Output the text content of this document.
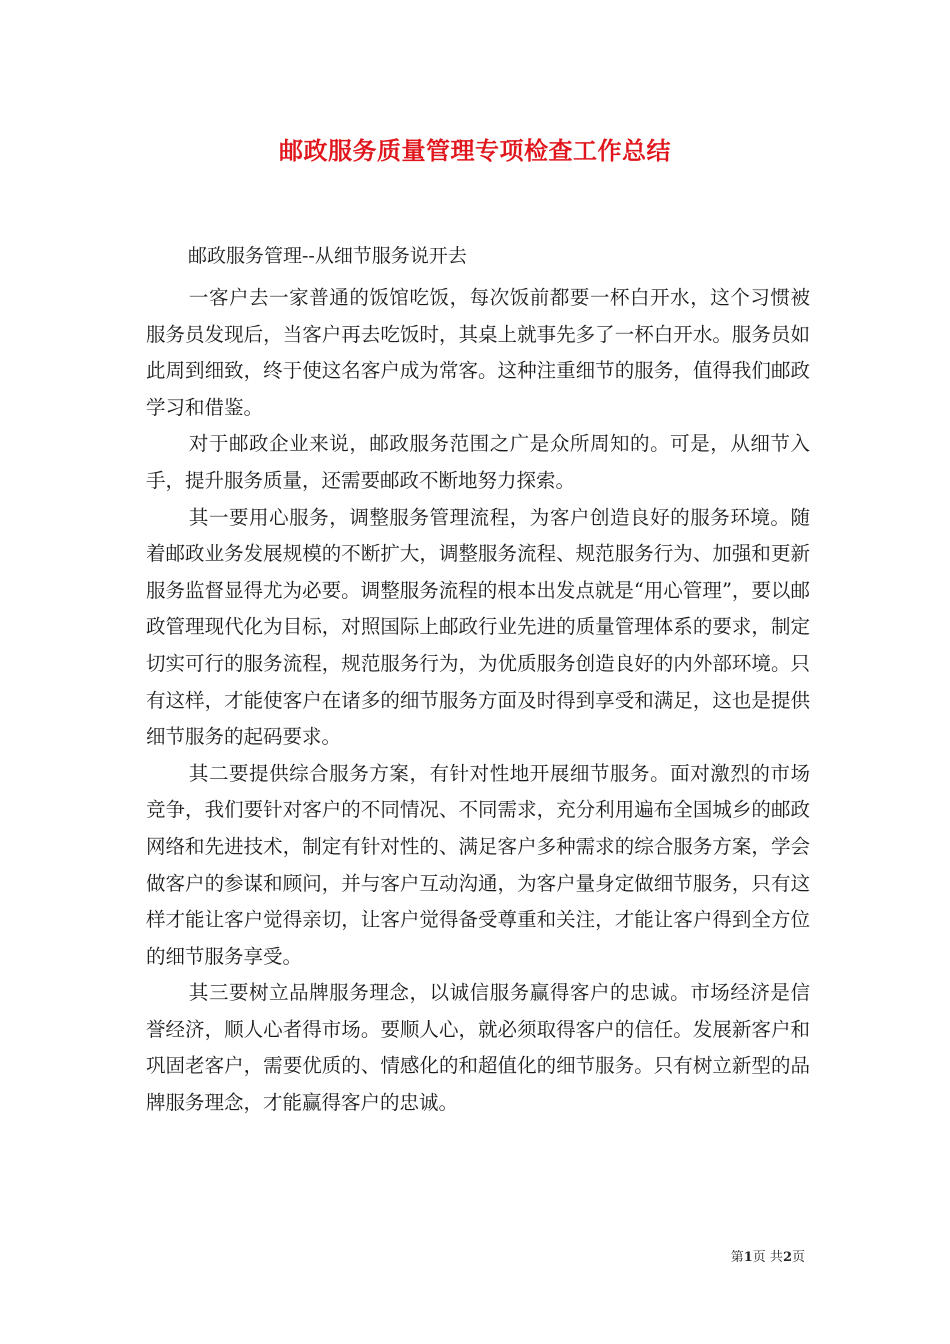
邮政服务质量管理专项检查工作总结
邮政服务管理--从细节服务说开去

一客户去一家普通的饭馆吃饭，每次饭前都要一杯白开水，这个习惯被服务员发现后，当客户再去吃饭时，其桌上就事先多了一杯白开水。服务员如此周到细致，终于使这名客户成为常客。这种注重细节的服务，值得我们邮政学习和借鉴。

对于邮政企业来说，邮政服务范围之广是众所周知的。可是，从细节入手，提升服务质量，还需要邮政不断地努力探索。

其一要用心服务，调整服务管理流程，为客户创造良好的服务环境。随着邮政业务发展规模的不断扩大，调整服务流程、规范服务行为、加强和更新服务监督显得尤为必要。调整服务流程的根本出发点就是“用心管理”，要以邮政管理现代化为目标，对照国际上邮政行业先进的质量管理体系的要求，制定切实可行的服务流程，规范服务行为，为优质服务创造良好的内外部环境。只有这样，才能使客户在诸多的细节服务方面及时得到享受和满足，这也是提供细节服务的起码要求。

其二要提供综合服务方案，有针对性地开展细节服务。面对激烈的市场竞争，我们要针对客户的不同情况、不同需求，充分利用遍布全国城乡的邮政网络和先进技术，制定有针对性的、满足客户多种需求的综合服务方案，学会做客户的参谋和顾问，并与客户互动沟通，为客户量身定做细节服务，只有这样才能让客户觉得亲切，让客户觉得备受尊重和关注，才能让客户得到全方位的细节服务享受。

其三要树立品牌服务理念，以诚信服务赢得客户的忠诚。市场经济是信誉经济，顺人心者得市场。要顺人心，就必须取得客户的信任。发展新客户和巩固老客户，需要优质的、情感化的和超值化的细节服务。只有树立新型的品牌服务理念，才能赢得客户的忠诚。

第1页 共2页
